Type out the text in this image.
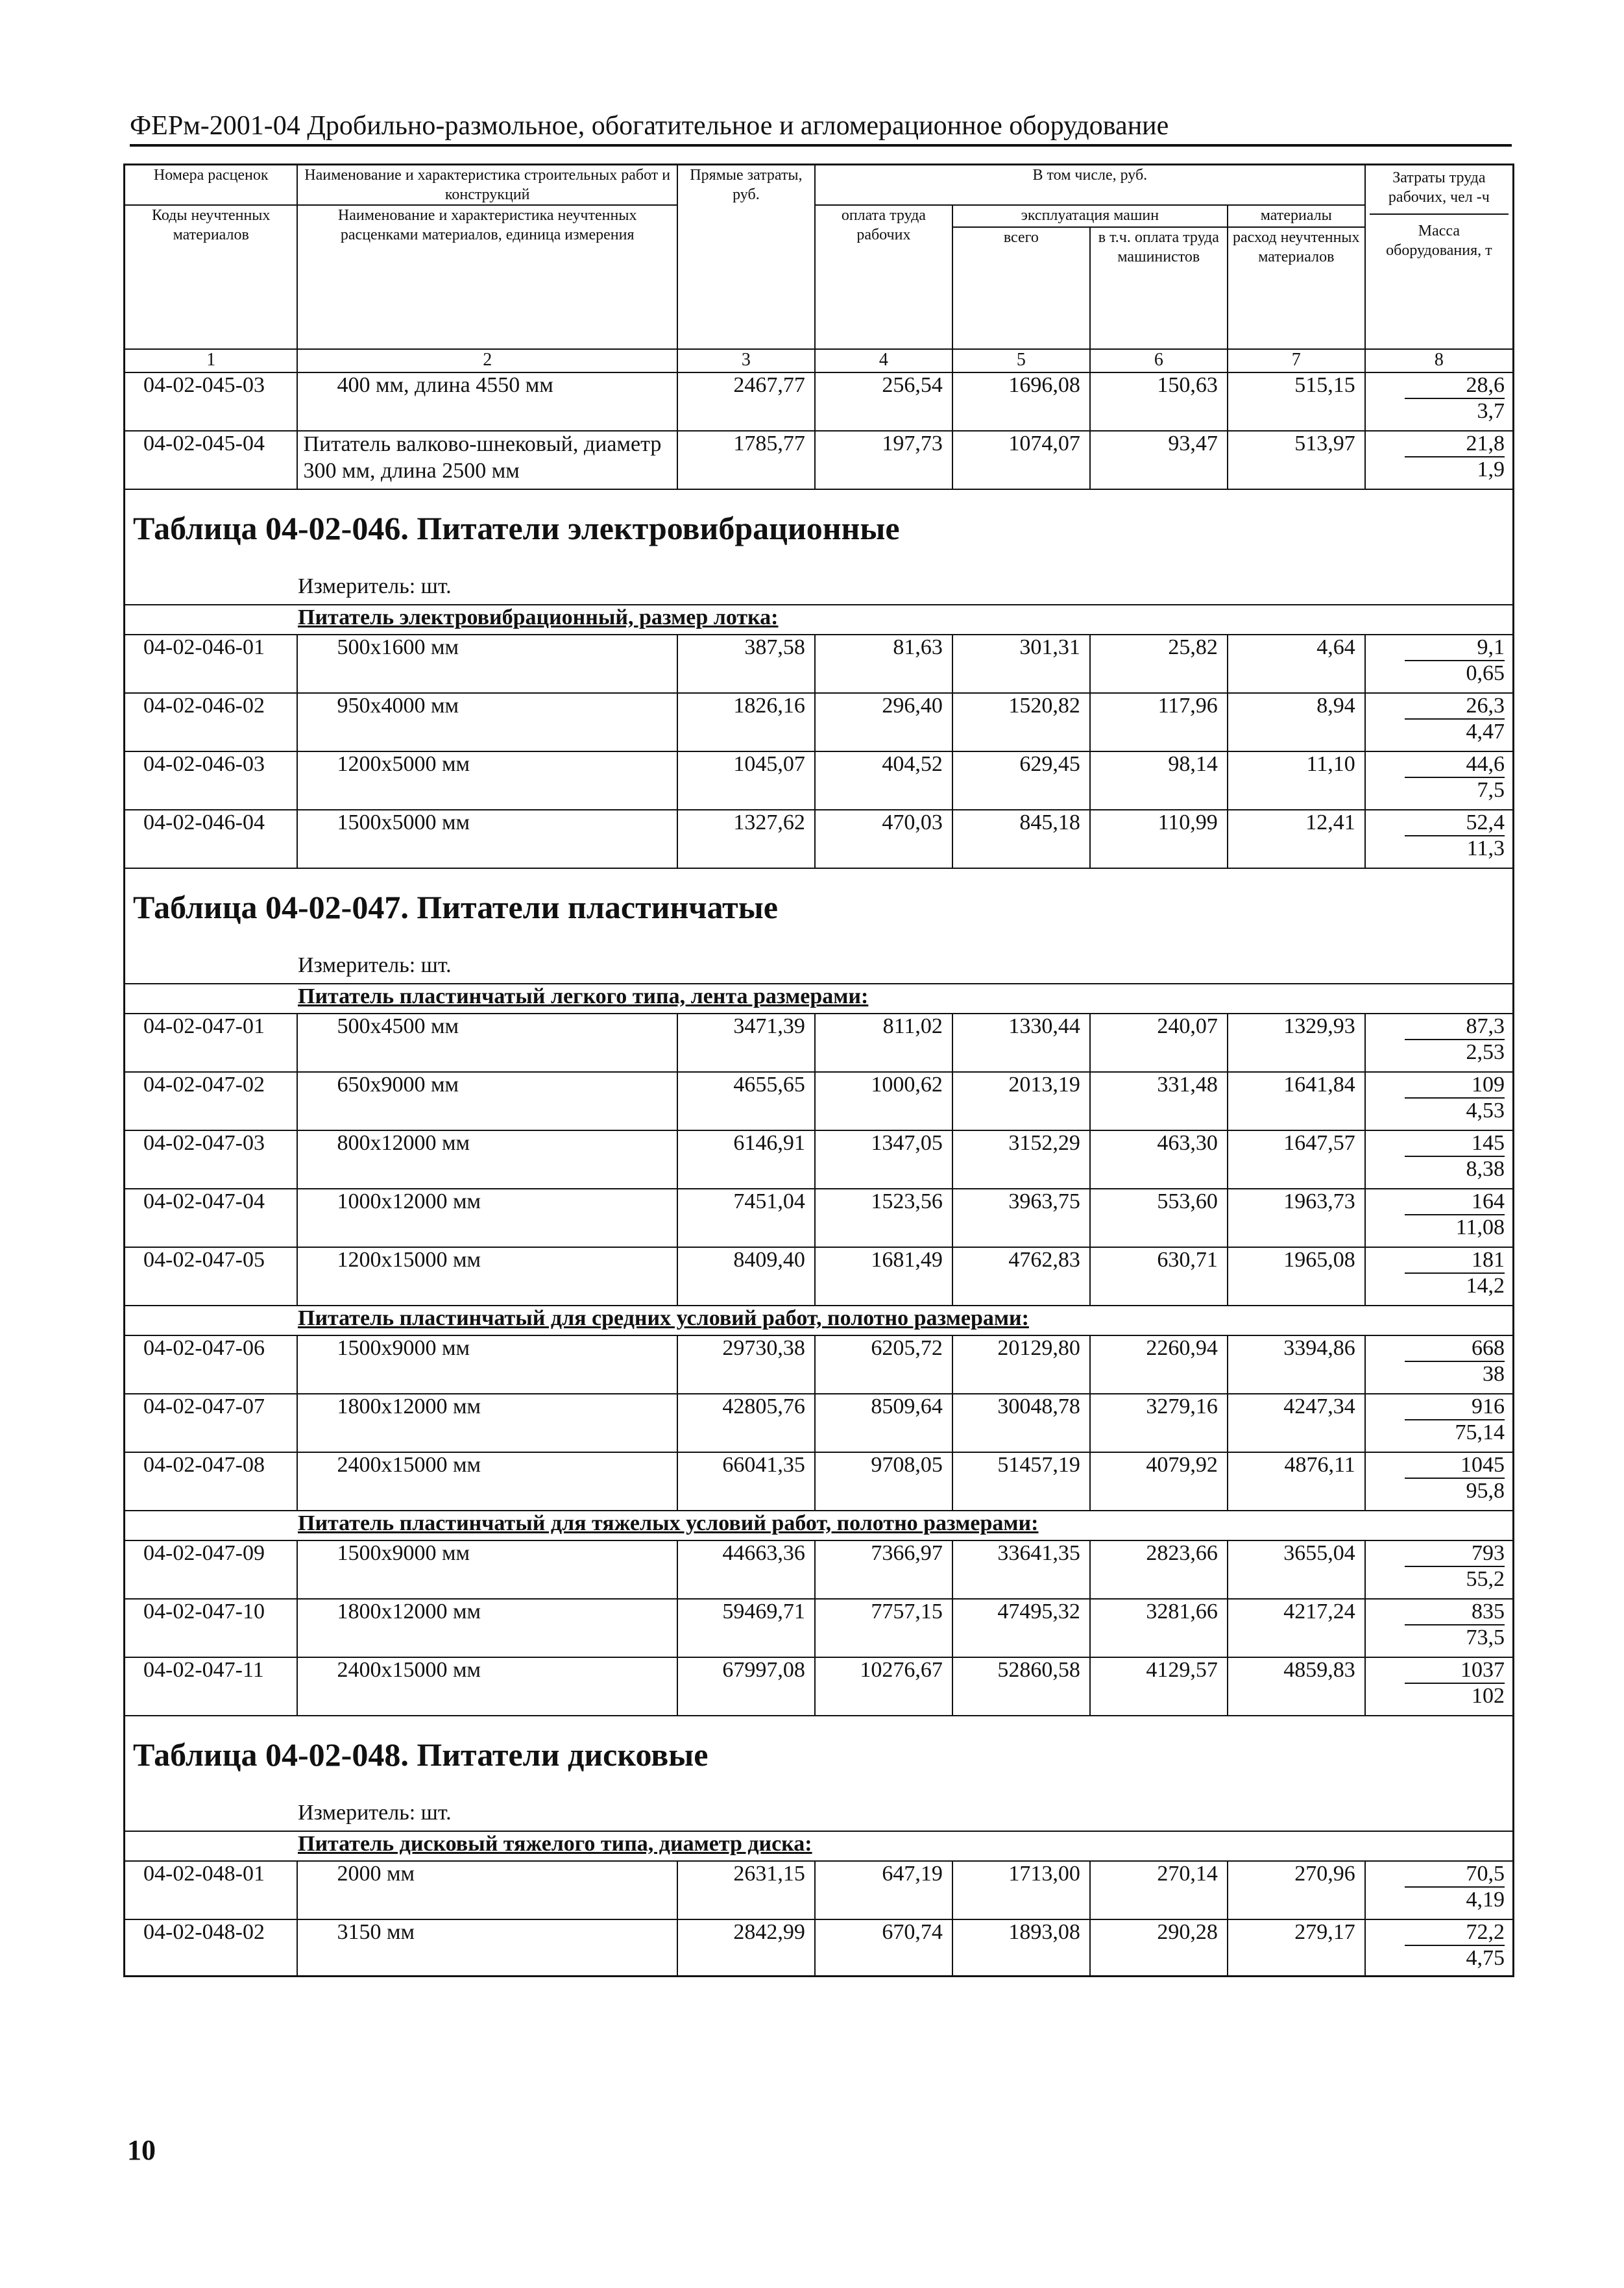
ФЕРм-2001-04 Дробильно-размольное, обогатительное и агломерационное оборудование
Номера расценок	Наименование и характеристика строительных работ и конструкций	Прямые затраты, руб.	В том числе, руб.				Затраты труда рабочих, чел -ч
Масса оборудования, т

Коды неучтенных материалов	Наименование и характеристика неучтенных расценками материалов, единица измерения		оплата труда рабочих	эксплуатация машин		материалы	
				всего	в т.ч. оплата труда машинистов	расход неучтенных материалов	
1	2	3	4	5	6	7	8
04-02-045-03	400 мм, длина 4550 мм	2467,77	256,54	1696,08	150,63	515,15	28,6
3,7

04-02-045-04	Питатель валково-шнековый, диаметр 300 мм, длина 2500 мм	1785,77	197,73	1074,07	93,47	513,97	21,8
1,9

Таблица 04-02-046. Питатели электровибрационные							
Измеритель: шт.							
Питатель электровибрационный, размер лотка:							
04-02-046-01	500х1600 мм	387,58	81,63	301,31	25,82	4,64	9,1
0,65

04-02-046-02	950х4000 мм	1826,16	296,40	1520,82	117,96	8,94	26,3
4,47

04-02-046-03	1200х5000 мм	1045,07	404,52	629,45	98,14	11,10	44,6
7,5

04-02-046-04	1500х5000 мм	1327,62	470,03	845,18	110,99	12,41	52,4
11,3

Таблица 04-02-047. Питатели пластинчатые							
Измеритель: шт.							
Питатель пластинчатый легкого типа, лента размерами:							
04-02-047-01	500х4500 мм	3471,39	811,02	1330,44	240,07	1329,93	87,3
2,53

04-02-047-02	650х9000 мм	4655,65	1000,62	2013,19	331,48	1641,84	109
4,53

04-02-047-03	800х12000 мм	6146,91	1347,05	3152,29	463,30	1647,57	145
8,38

04-02-047-04	1000х12000 мм	7451,04	1523,56	3963,75	553,60	1963,73	164
11,08

04-02-047-05	1200х15000 мм	8409,40	1681,49	4762,83	630,71	1965,08	181
14,2

Питатель пластинчатый для средних условий работ, полотно размерами:							
04-02-047-06	1500х9000 мм	29730,38	6205,72	20129,80	2260,94	3394,86	668
38

04-02-047-07	1800х12000 мм	42805,76	8509,64	30048,78	3279,16	4247,34	916
75,14

04-02-047-08	2400х15000 мм	66041,35	9708,05	51457,19	4079,92	4876,11	1045
95,8

Питатель пластинчатый для тяжелых условий работ, полотно размерами:							
04-02-047-09	1500х9000 мм	44663,36	7366,97	33641,35	2823,66	3655,04	793
55,2

04-02-047-10	1800х12000 мм	59469,71	7757,15	47495,32	3281,66	4217,24	835
73,5

04-02-047-11	2400х15000 мм	67997,08	10276,67	52860,58	4129,57	4859,83	1037
102

Таблица 04-02-048. Питатели дисковые							
Измеритель: шт.							
Питатель дисковый тяжелого типа, диаметр диска:							
04-02-048-01	2000 мм	2631,15	647,19	1713,00	270,14	270,96	70,5
4,19

04-02-048-02	3150 мм	2842,99	670,74	1893,08	290,28	279,17	72,2
4,75
10
